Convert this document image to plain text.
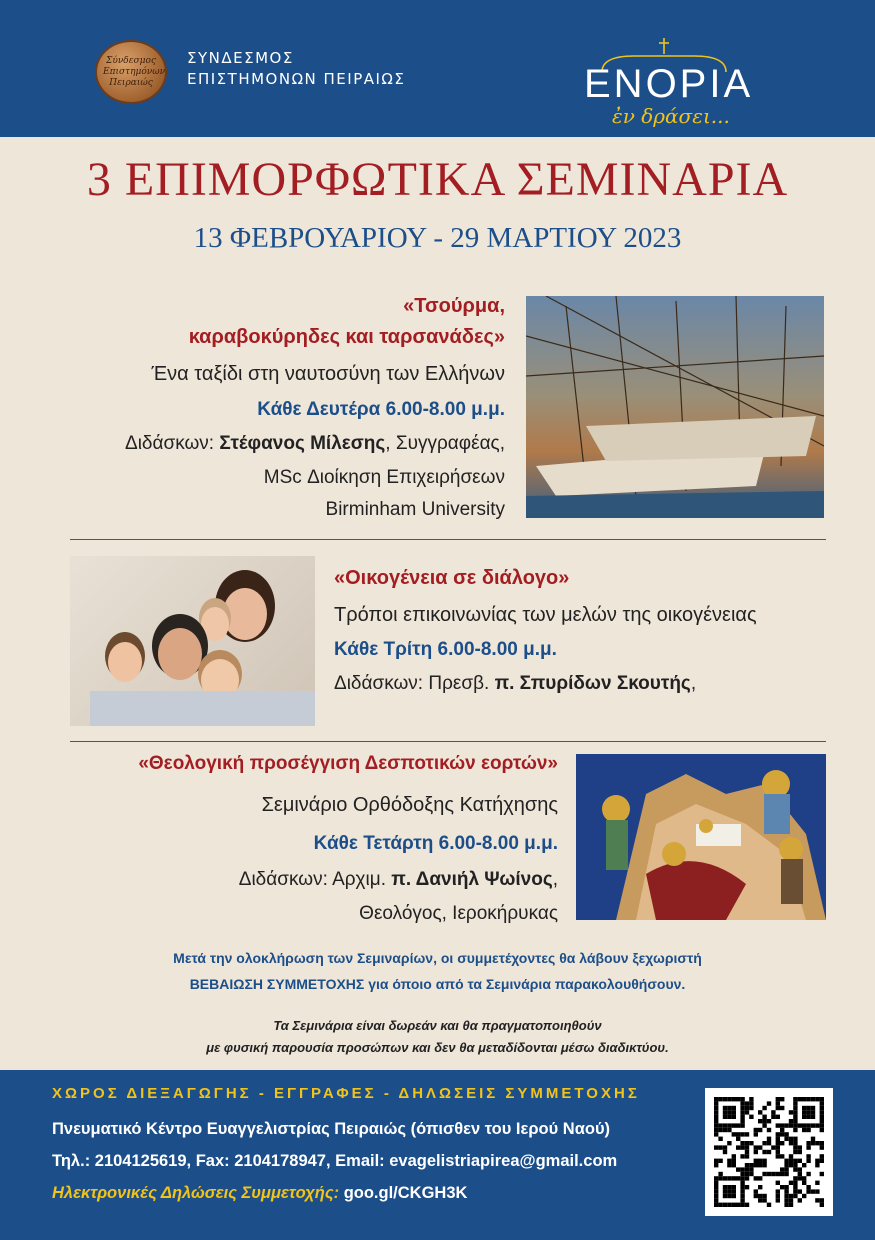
Σύνδεσμος
Επιστημόνων
Πειραιώς
ΣΥΝΔΕΣΜΟΣ
ΕΠΙΣΤΗΜΟΝΩΝ ΠΕΙΡΑΙΩΣ	ΕΝΟΡΙΑ
ἐν δράσει...
3 ΕΠΙΜΟΡΦΩΤΙΚΑ ΣΕΜΙΝΑΡΙΑ
13 ΦΕΒΡΟΥΑΡΙΟΥ - 29 ΜΑΡΤΙΟΥ 2023
«Τσούρμα,
καραβοκύρηδες και ταρσανάδες»
Ένα ταξίδι στη ναυτοσύνη των Ελλήνων
Κάθε Δευτέρα 6.00-8.00 μ.μ.
Διδάσκων: Στέφανος Μίλεσης, Συγγραφέας,
MSc Διοίκηση Επιχειρήσεων
Birminham University
«Οικογένεια σε διάλογο»
Τρόποι επικοινωνίας των μελών της οικογένειας
Κάθε Τρίτη 6.00-8.00 μ.μ.
Διδάσκων: Πρεσβ. π. Σπυρίδων Σκουτής,
«Θεολογική προσέγγιση Δεσποτικών εορτών»
Σεμινάριο Ορθόδοξης Κατήχησης
Κάθε Τετάρτη 6.00-8.00 μ.μ.
Διδάσκων: Αρχιμ. π. Δανιήλ Ψωίνος,
Θεολόγος, Ιεροκήρυκας
Μετά την ολοκλήρωση των Σεμιναρίων, οι συμμετέχοντες θα λάβουν ξεχωριστή
ΒΕΒΑΙΩΣΗ ΣΥΜΜΕΤΟΧΗΣ για όποιο από τα Σεμινάρια παρακολουθήσουν.
Τα Σεμινάρια είναι δωρεάν και θα πραγματοποιηθούν
με φυσική παρουσία προσώπων και δεν θα μεταδίδονται μέσω διαδικτύου.
ΧΩΡΟΣ ΔΙΕΞΑΓΩΓΗΣ - ΕΓΓΡΑΦΕΣ - ΔΗΛΩΣΕΙΣ ΣΥΜΜΕΤΟΧΗΣ
Πνευματικό Κέντρο Ευαγγελιστρίας Πειραιώς (όπισθεν του Ιερού Ναού)
Τηλ.: 2104125619, Fax: 2104178947, Email: evagelistriapirea@gmail.com
Ηλεκτρονικές Δηλώσεις Συμμετοχής: goo.gl/CKGH3K
